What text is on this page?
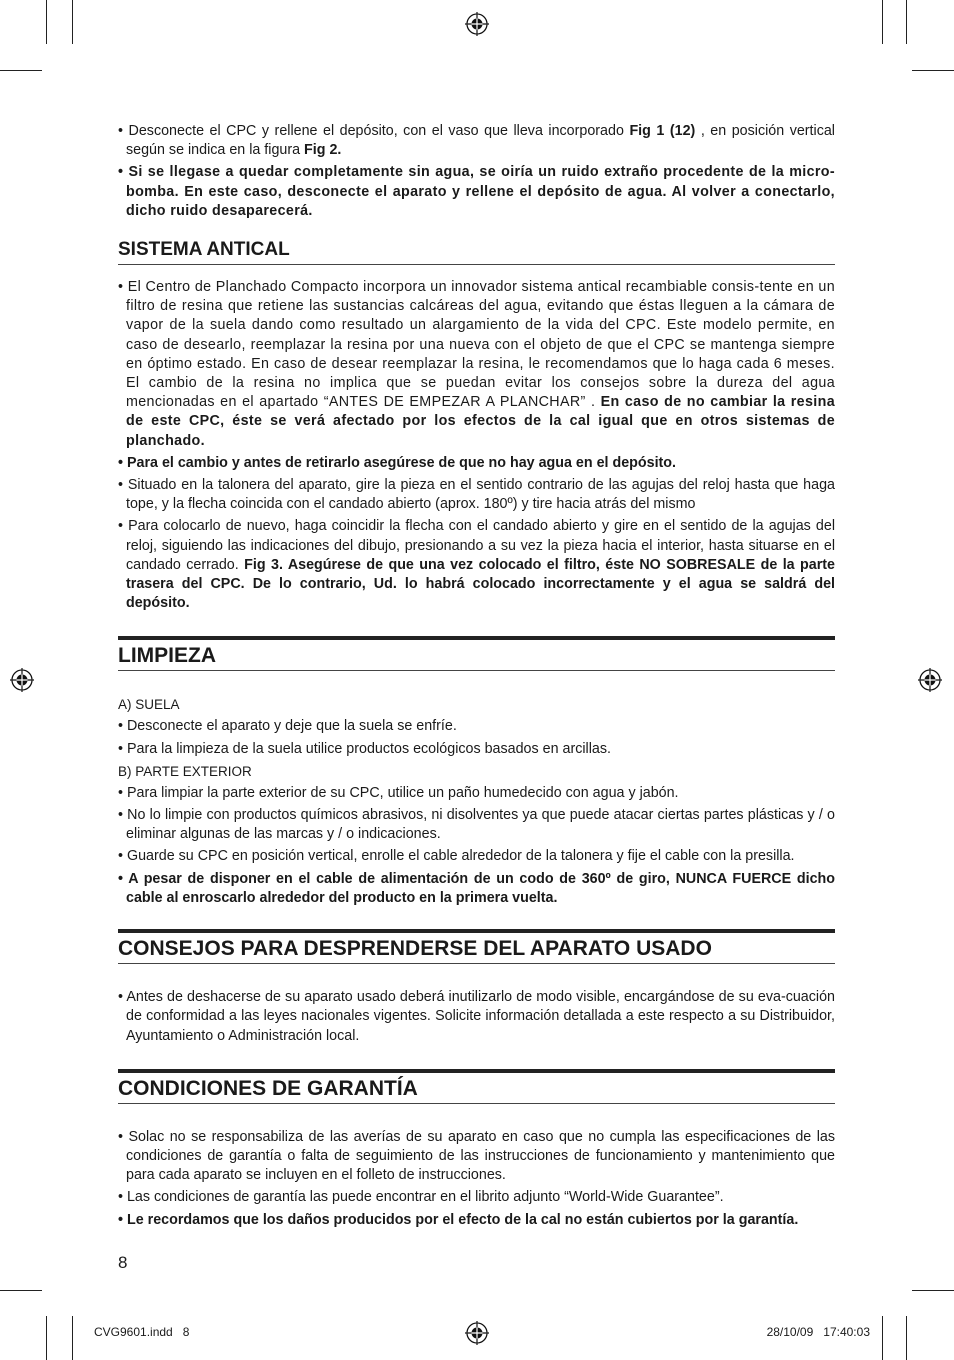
• Desconecte el CPC y rellene el depósito, con el vaso que lleva incorporado Fig 1 (12) , en posición vertical según se indica en la figura Fig 2.

• Si se llegase a quedar completamente sin agua, se oiría un ruido extraño procedente de la micro-bomba. En este caso, desconecte el aparato y rellene el depósito de agua. Al volver a conectarlo, dicho ruido desaparecerá.

SISTEMA ANTICAL

• El Centro de Planchado Compacto incorpora un innovador sistema antical recambiable consis-tente en un filtro de resina que retiene las sustancias calcáreas del agua, evitando que éstas lleguen a la cámara de vapor de la suela dando como resultado un alargamiento de la vida del CPC. Este modelo permite, en caso de desearlo, reemplazar la resina por una nueva con el objeto de que el CPC se mantenga siempre en óptimo estado. En caso de desear reemplazar la resina, le recomendamos que lo haga cada 6 meses. El cambio de la resina no implica que se puedan evitar los consejos sobre la dureza del agua mencionadas en el apartado “ANTES DE EMPEZAR A PLANCHAR” . En caso de no cambiar la resina de este CPC, éste se verá afectado por los efectos de la cal igual que en otros sistemas de planchado.

• Para el cambio y antes de retirarlo asegúrese de que no hay agua en el depósito.

• Situado en la talonera del aparato, gire la pieza en el sentido contrario de las agujas del reloj hasta que haga tope, y la flecha coincida con el candado abierto (aprox. 180º) y tire hacia atrás del mismo

• Para colocarlo de nuevo, haga coincidir la flecha con el candado abierto y gire en el sentido de la agujas del reloj, siguiendo las indicaciones del dibujo, presionando a su vez la pieza hacia el interior, hasta situarse en el candado cerrado. Fig 3. Asegúrese de que una vez colocado el filtro, éste NO SOBRESALE de la parte trasera del CPC. De lo contrario, Ud. lo habrá colocado incorrectamente y el agua se saldrá del depósito.

LIMPIEZA

A) SUELA

• Desconecte el aparato y deje que la suela se enfríe.

• Para la limpieza de la suela utilice productos ecológicos basados en arcillas.

B) PARTE EXTERIOR

• Para limpiar la parte exterior de su CPC, utilice un paño humedecido con agua y jabón.

• No lo limpie con productos químicos abrasivos, ni disolventes ya que puede atacar ciertas partes plásticas y / o eliminar algunas de las marcas y / o indicaciones.

• Guarde su CPC en posición vertical, enrolle el cable alrededor de la talonera y fije el cable con la presilla.

• A pesar de disponer en el cable de alimentación de un codo de 360º de giro, NUNCA FUERCE dicho cable al enroscarlo alrededor del producto en la primera vuelta.

CONSEJOS PARA DESPRENDERSE DEL APARATO USADO

• Antes de deshacerse de su aparato usado deberá inutilizarlo de modo visible, encargándose de su eva-cuación de conformidad a las leyes nacionales vigentes. Solicite información detallada a este respecto a su Distribuidor, Ayuntamiento o Administración local.

CONDICIONES DE GARANTÍA

• Solac no se responsabiliza de las averías de su aparato en caso que no cumpla las especificaciones de las condiciones de garantía o falta de seguimiento de las instrucciones de funcionamiento y mantenimiento que para cada aparato se incluyen en el folleto de instrucciones.

• Las condiciones de garantía las puede encontrar en el librito adjunto “World-Wide Guarantee”.

• Le recordamos que los daños producidos por el efecto de la cal no están cubiertos por la garantía.

8
CVG9601.indd   8	28/10/09   17:40:03
